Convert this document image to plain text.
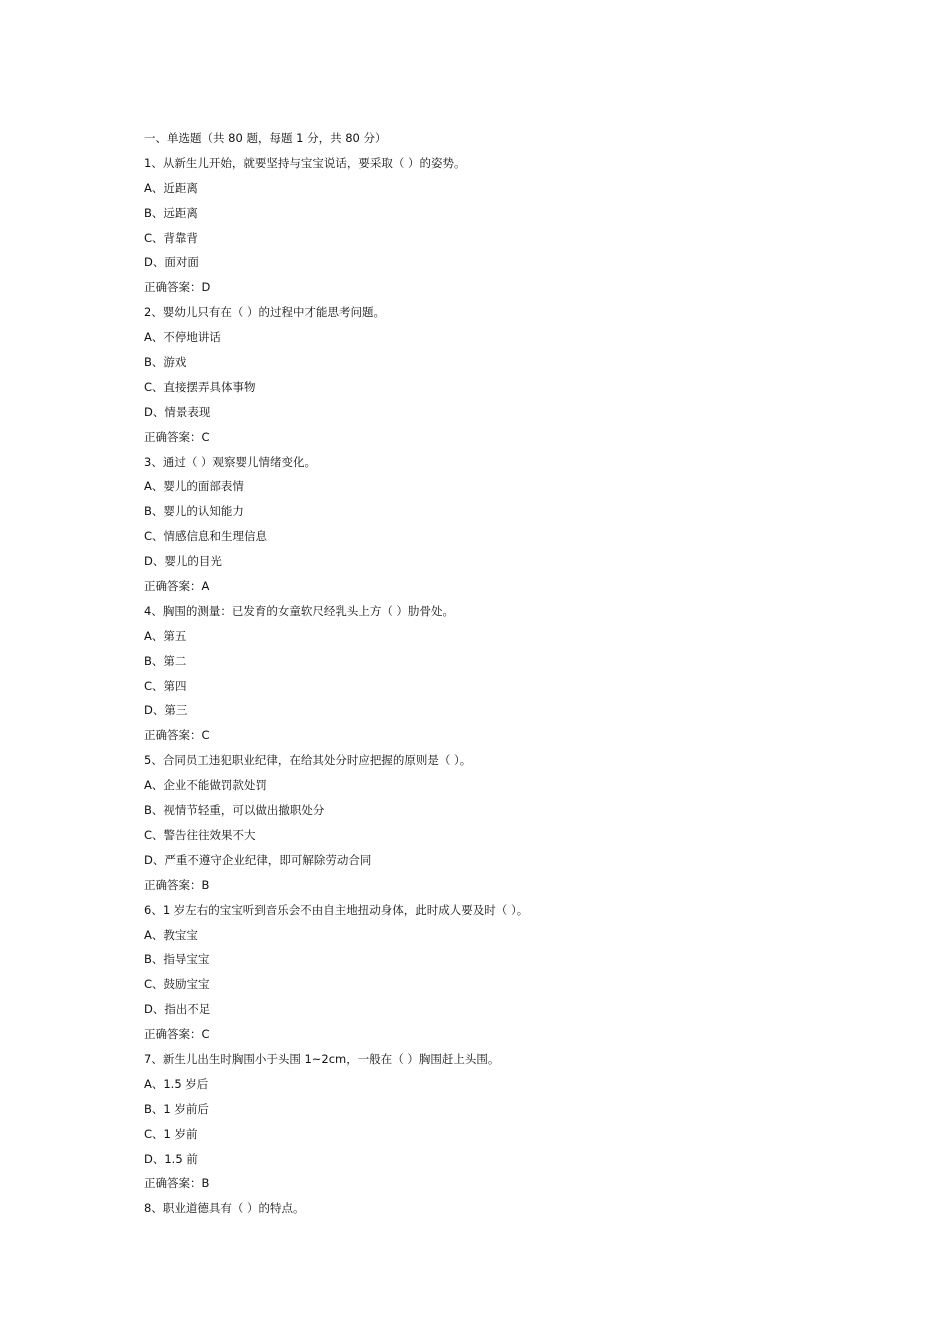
一、单选题（共 80 题，每题 1 分，共 80 分）
1、从新生儿开始，就要坚持与宝宝说话，要采取（ ）的姿势。
A、近距离
B、远距离
C、背靠背
D、面对面
正确答案：D
2、婴幼儿只有在（ ）的过程中才能思考问题。
A、不停地讲话
B、游戏
C、直接摆弄具体事物
D、情景表现
正确答案：C
3、通过（ ）观察婴儿情绪变化。
A、婴儿的面部表情
B、婴儿的认知能力
C、情感信息和生理信息
D、婴儿的目光
正确答案：A
4、胸围的测量：已发育的女童软尺经乳头上方（ ）肋骨处。
A、第五
B、第二
C、第四
D、第三
正确答案：C
5、合同员工违犯职业纪律，在给其处分时应把握的原则是（ ）。
A、企业不能做罚款处罚
B、视情节轻重，可以做出撤职处分
C、警告往往效果不大
D、严重不遵守企业纪律，即可解除劳动合同
正确答案：B
6、1 岁左右的宝宝听到音乐会不由自主地扭动身体，此时成人要及时（ ）。
A、教宝宝
B、指导宝宝
C、鼓励宝宝
D、指出不足
正确答案：C
7、新生儿出生时胸围小于头围 1~2cm，一般在（ ）胸围赶上头围。
A、1.5 岁后
B、1 岁前后
C、1 岁前
D、1.5 前
正确答案：B
8、职业道德具有（ ）的特点。
